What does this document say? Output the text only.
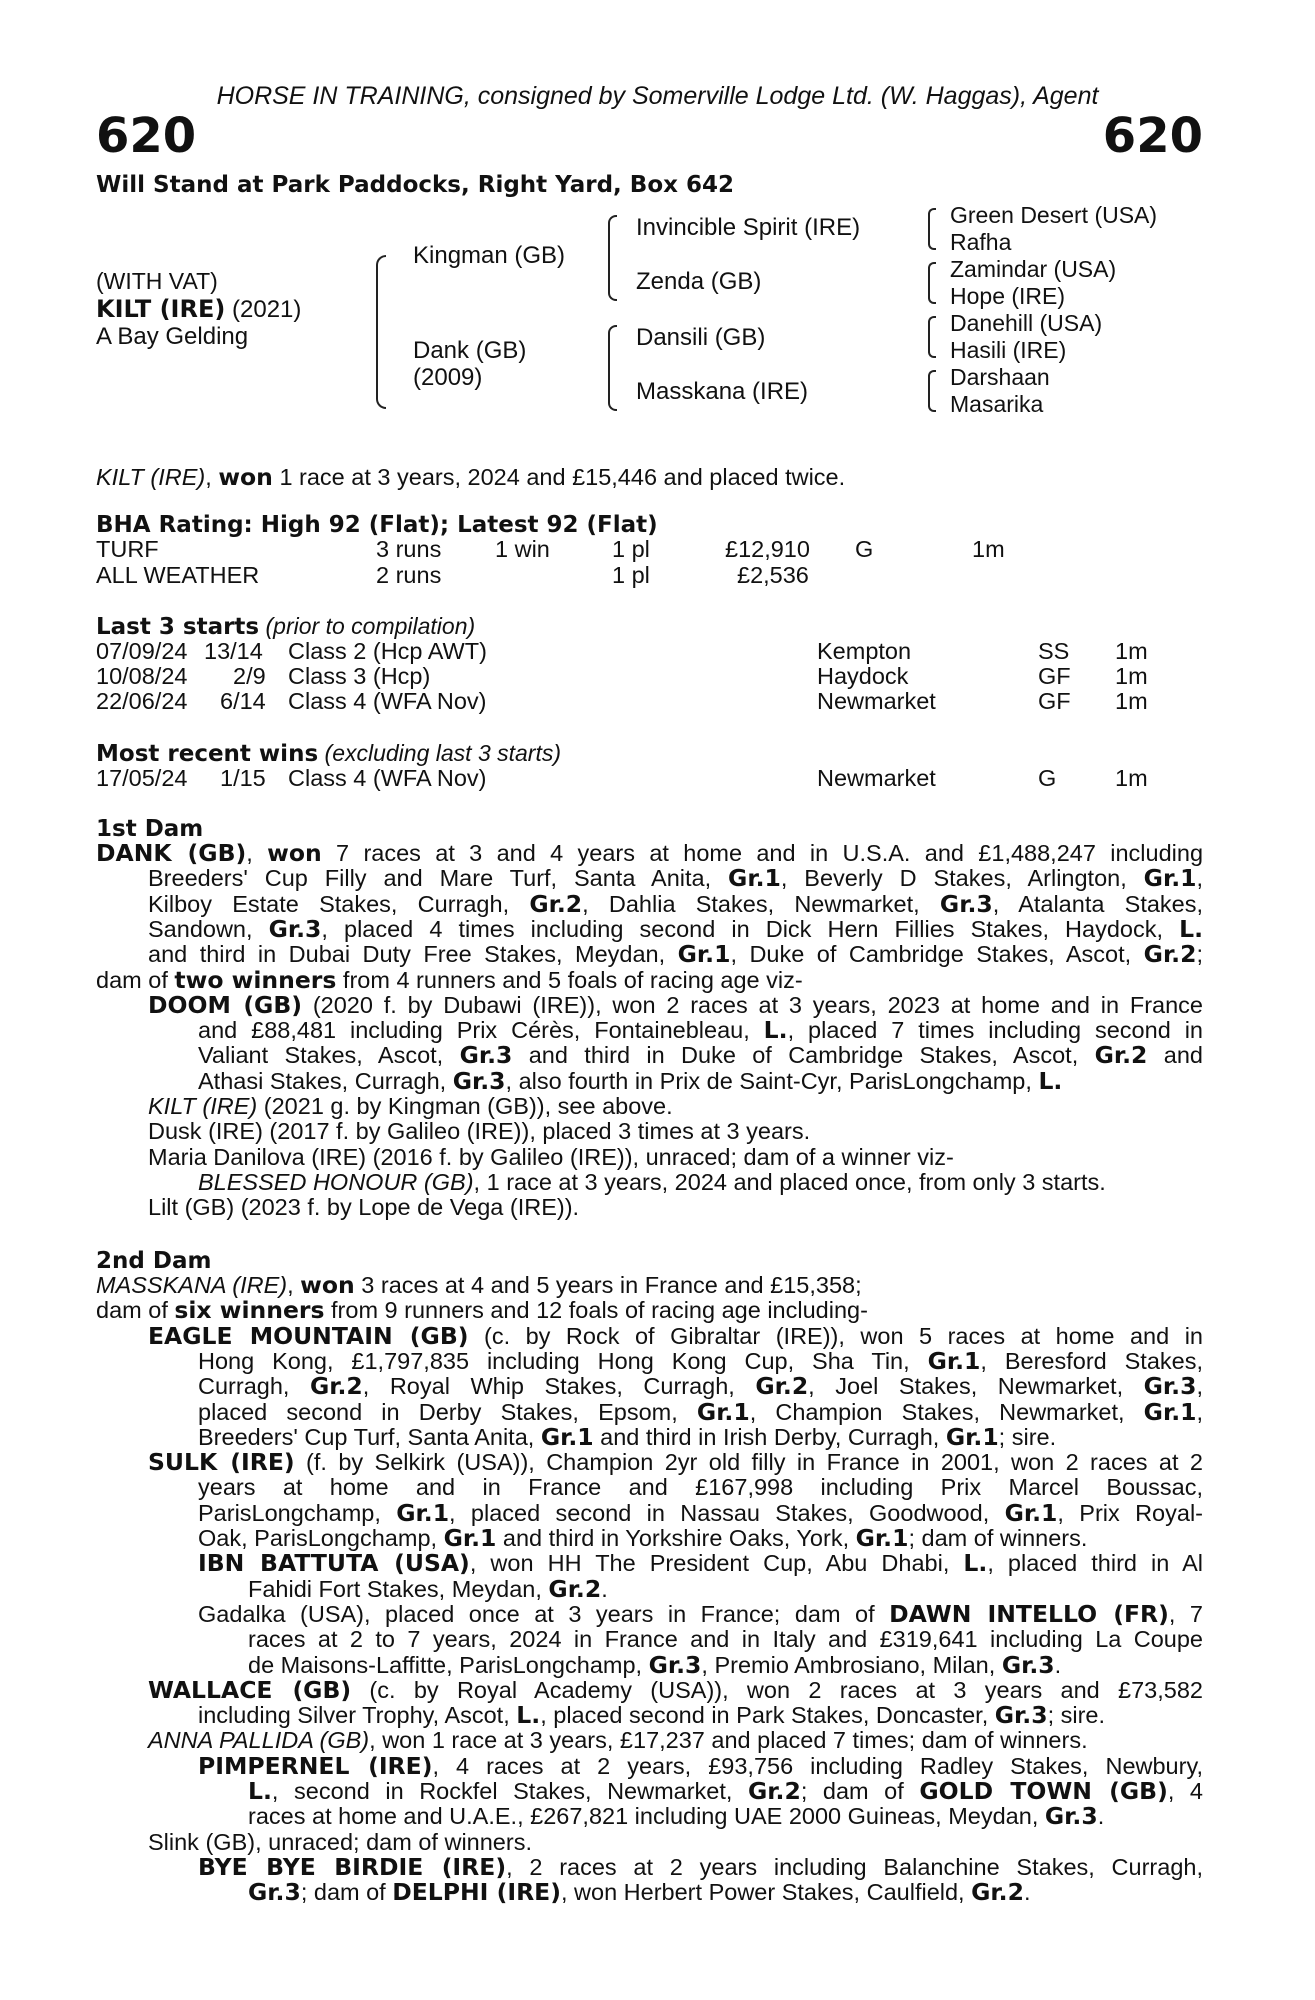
HORSE IN TRAINING, consigned by Somerville Lodge Ltd. (W. Haggas), Agent
620	620
Will Stand at Park Paddocks, Right Yard, Box 642
(WITH VAT)
KILT (IRE) (2021)
A Bay Gelding
Kingman (GB)
Dank (GB)
(2009)
Invincible Spirit (IRE)
Zenda (GB)
Dansili (GB)
Masskana (IRE)
Green Desert (USA)
Rafha
Zamindar (USA)
Hope (IRE)
Danehill (USA)
Hasili (IRE)
Darshaan
Masarika
KILT (IRE), won 1 race at 3 years, 2024 and £15,446 and placed twice.
BHA Rating: High 92 (Flat); Latest 92 (Flat)
TURF	3 runs 1 win	1 pl	£12,910 G	1m
ALL WEATHER	2 runs	1 pl	£2,536
Last 3 starts (prior to compilation)
07/09/24 13/14 Class 2 (Hcp AWT)	Kempton	SS 1m
10/08/24 2/9 Class 3 (Hcp)	Haydock	GF 1m
22/06/24 6/14 Class 4 (WFA Nov)	Newmarket	GF 1m
Most recent wins (excluding last 3 starts)
17/05/24 1/15 Class 4 (WFA Nov)	Newmarket	G 1m
1st Dam
DANK (GB), won 7 races at 3 and 4 years at home and in U.S.A. and £1,488,247 including
Breeders' Cup Filly and Mare Turf, Santa Anita, Gr.1, Beverly D Stakes, Arlington, Gr.1,
Kilboy Estate Stakes, Curragh, Gr.2, Dahlia Stakes, Newmarket, Gr.3, Atalanta Stakes,
Sandown, Gr.3, placed 4 times including second in Dick Hern Fillies Stakes, Haydock, L.
and third in Dubai Duty Free Stakes, Meydan, Gr.1, Duke of Cambridge Stakes, Ascot, Gr.2;
dam of two winners from 4 runners and 5 foals of racing age viz-
DOOM (GB) (2020 f. by Dubawi (IRE)), won 2 races at 3 years, 2023 at home and in France
and £88,481 including Prix Cérès, Fontainebleau, L., placed 7 times including second in
Valiant Stakes, Ascot, Gr.3 and third in Duke of Cambridge Stakes, Ascot, Gr.2 and
Athasi Stakes, Curragh, Gr.3, also fourth in Prix de Saint-Cyr, ParisLongchamp, L.
KILT (IRE) (2021 g. by Kingman (GB)), see above.
Dusk (IRE) (2017 f. by Galileo (IRE)), placed 3 times at 3 years.
Maria Danilova (IRE) (2016 f. by Galileo (IRE)), unraced; dam of a winner viz-
BLESSED HONOUR (GB), 1 race at 3 years, 2024 and placed once, from only 3 starts.
Lilt (GB) (2023 f. by Lope de Vega (IRE)).
2nd Dam
MASSKANA (IRE), won 3 races at 4 and 5 years in France and £15,358;
dam of six winners from 9 runners and 12 foals of racing age including-
EAGLE MOUNTAIN (GB) (c. by Rock of Gibraltar (IRE)), won 5 races at home and in
Hong Kong, £1,797,835 including Hong Kong Cup, Sha Tin, Gr.1, Beresford Stakes,
Curragh, Gr.2, Royal Whip Stakes, Curragh, Gr.2, Joel Stakes, Newmarket, Gr.3,
placed second in Derby Stakes, Epsom, Gr.1, Champion Stakes, Newmarket, Gr.1,
Breeders' Cup Turf, Santa Anita, Gr.1 and third in Irish Derby, Curragh, Gr.1; sire.
SULK (IRE) (f. by Selkirk (USA)), Champion 2yr old filly in France in 2001, won 2 races at 2
years at home and in France and £167,998 including Prix Marcel Boussac,
ParisLongchamp, Gr.1, placed second in Nassau Stakes, Goodwood, Gr.1, Prix Royal-
Oak, ParisLongchamp, Gr.1 and third in Yorkshire Oaks, York, Gr.1; dam of winners.
IBN BATTUTA (USA), won HH The President Cup, Abu Dhabi, L., placed third in Al
Fahidi Fort Stakes, Meydan, Gr.2.
Gadalka (USA), placed once at 3 years in France; dam of DAWN INTELLO (FR), 7
races at 2 to 7 years, 2024 in France and in Italy and £319,641 including La Coupe
de Maisons-Laffitte, ParisLongchamp, Gr.3, Premio Ambrosiano, Milan, Gr.3.
WALLACE (GB) (c. by Royal Academy (USA)), won 2 races at 3 years and £73,582
including Silver Trophy, Ascot, L., placed second in Park Stakes, Doncaster, Gr.3; sire.
ANNA PALLIDA (GB), won 1 race at 3 years, £17,237 and placed 7 times; dam of winners.
PIMPERNEL (IRE), 4 races at 2 years, £93,756 including Radley Stakes, Newbury,
L., second in Rockfel Stakes, Newmarket, Gr.2; dam of GOLD TOWN (GB), 4
races at home and U.A.E., £267,821 including UAE 2000 Guineas, Meydan, Gr.3.
Slink (GB), unraced; dam of winners.
BYE BYE BIRDIE (IRE), 2 races at 2 years including Balanchine Stakes, Curragh,
Gr.3; dam of DELPHI (IRE), won Herbert Power Stakes, Caulfield, Gr.2.
